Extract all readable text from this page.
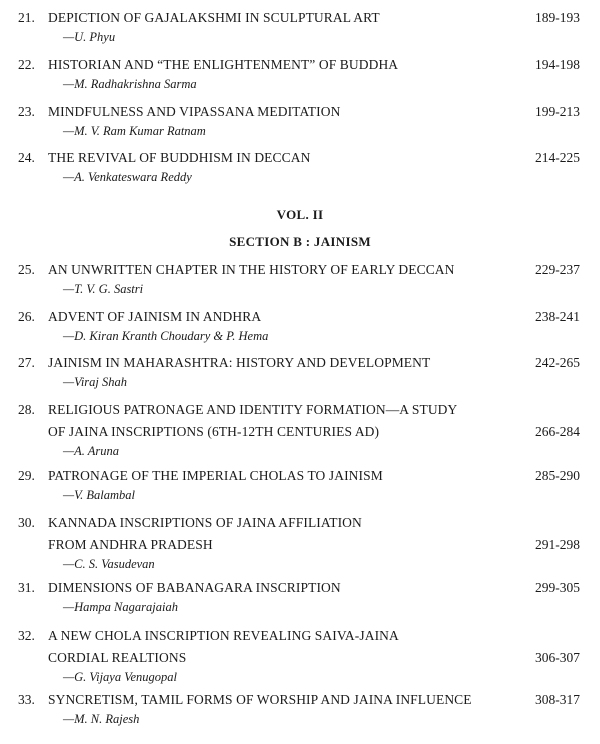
21. DEPICTION OF GAJALAKSHMI IN SCULPTURAL ART
—U. Phyu
189-193
22. HISTORIAN AND “THE ENLIGHTENMENT” OF BUDDHA
—M. Radhakrishna Sarma
194-198
23. MINDFULNESS AND VIPASSANA MEDITATION
—M. V. Ram Kumar Ratnam
199-213
24. THE REVIVAL OF BUDDHISM IN DECCAN
—A. Venkateswara Reddy
214-225
VOL. II
SECTION B : JAINISM
25. AN UNWRITTEN CHAPTER IN THE HISTORY OF EARLY DECCAN
—T. V. G. Sastri
229-237
26. ADVENT OF JAINISM IN ANDHRA
—D. Kiran Kranth Choudary & P. Hema
238-241
27. JAINISM IN MAHARASHTRA: HISTORY AND DEVELOPMENT
—Viraj Shah
242-265
28. RELIGIOUS PATRONAGE AND IDENTITY FORMATION—A STUDY
OF JAINA INSCRIPTIONS (6TH-12TH CENTURIES AD)
—A. Aruna
266-284
29. PATRONAGE OF THE IMPERIAL CHOLAS TO JAINISM
—V. Balambal
285-290
30. KANNADA INSCRIPTIONS OF JAINA AFFILIATION
FROM ANDHRA PRADESH
—C. S. Vasudevan
291-298
31. DIMENSIONS OF BABANAGARA INSCRIPTION
—Hampa Nagarajaiah
299-305
32. A NEW CHOLA INSCRIPTION REVEALING SAIVA-JAINA
CORDIAL REALTIONS
—G. Vijaya Venugopal
306-307
33. SYNCRETISM, TAMIL FORMS OF WORSHIP AND JAINA INFLUENCE
—M. N. Rajesh
308-317
